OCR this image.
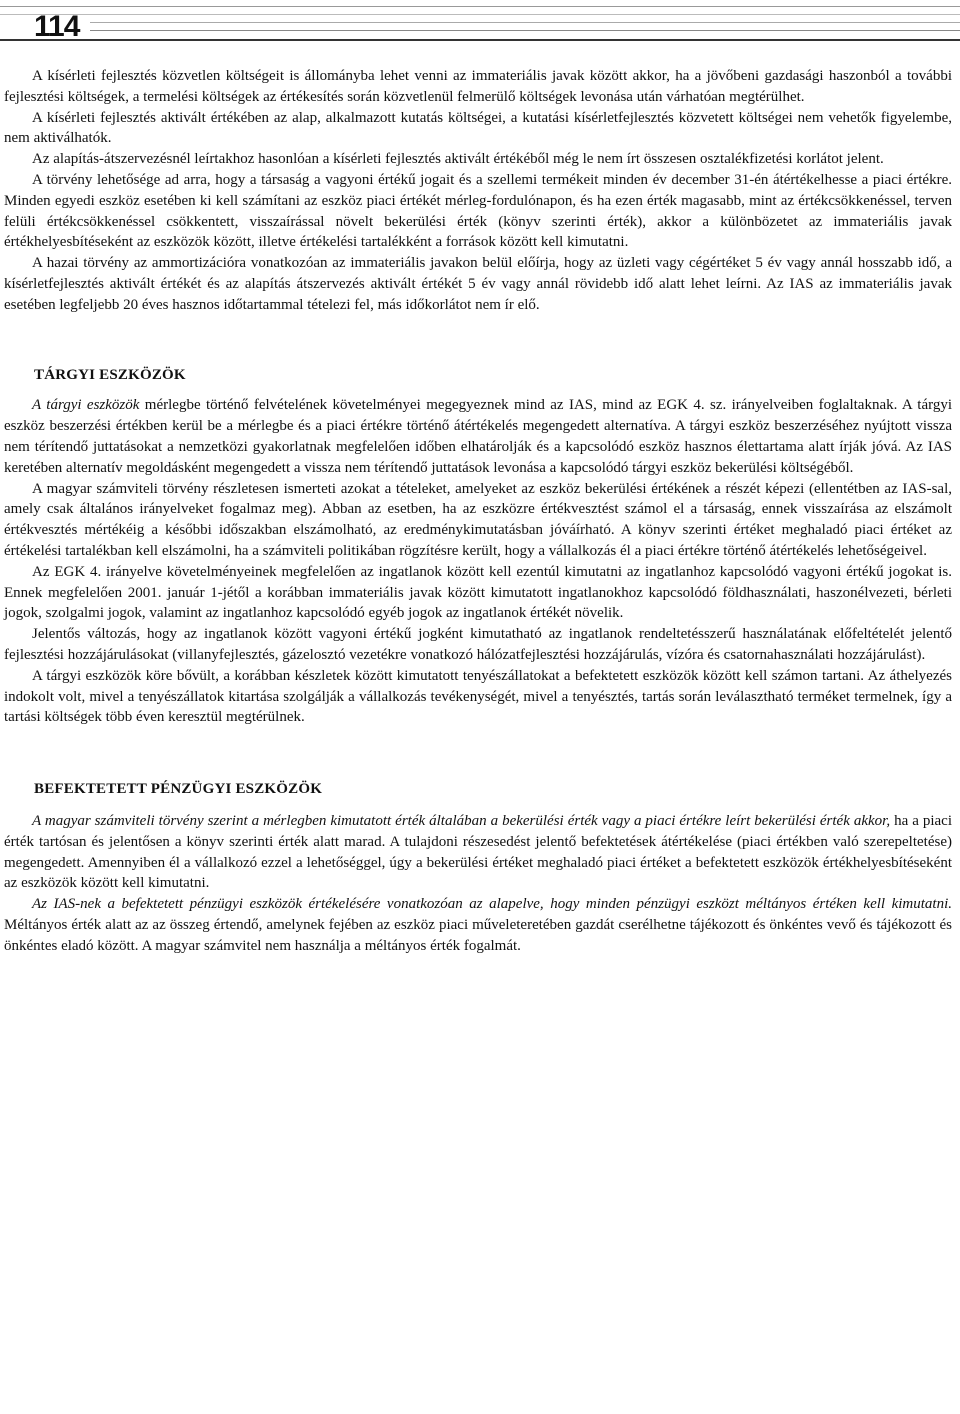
114

A kísérleti fejlesztés közvetlen költségeit is állományba lehet venni az immateriális javak között akkor, ha a jövőbeni gazdasági haszonból a további fejlesztési költségek, a termelési költségek az értékesítés során közvetlenül felmerülő költségek levonása után várhatóan megtérülhet.

A kísérleti fejlesztés aktivált értékében az alap, alkalmazott kutatás költségei, a kutatási kísérletfejlesztés közvetett költségei nem vehetők figyelembe, nem aktiválhatók.

Az alapítás-átszervezésnél leírtakhoz hasonlóan a kísérleti fejlesztés aktivált értékéből még le nem írt összesen osztalékfizetési korlátot jelent.

A törvény lehetősége ad arra, hogy a társaság a vagyoni értékű jogait és a szellemi termékeit minden év december 31-én átértékelhesse a piaci értékre. Minden egyedi eszköz esetében ki kell számítani az eszköz piaci értékét mérleg-fordulónapon, és ha ezen érték magasabb, mint az értékcsökkenéssel, terven felüli értékcsökkenéssel csökkentett, visszaírással növelt bekerülési érték (könyv szerinti érték), akkor a különbözetet az immateriális javak értékhelyesbítéseként az eszközök között, illetve értékelési tartalékként a források között kell kimutatni.

A hazai törvény az ammortizációra vonatkozóan az immateriális javakon belül előírja, hogy az üzleti vagy cégértéket 5 év vagy annál hosszabb idő, a kísérletfejlesztés aktivált értékét és az alapítás átszervezés aktivált értékét 5 év vagy annál rövidebb idő alatt lehet leírni. Az IAS az immateriális javak esetében legfeljebb 20 éves hasznos időtartammal tételezi fel, más időkorlátot nem ír elő.

TÁRGYI ESZKÖZÖK

A tárgyi eszközök mérlegbe történő felvételének követelményei megegyeznek mind az IAS, mind az EGK 4. sz. irányelveiben foglaltaknak. A tárgyi eszköz beszerzési értékben kerül be a mérlegbe és a piaci értékre történő átértékelés megengedett alternatíva. A tárgyi eszköz beszerzéséhez nyújtott vissza nem térítendő juttatásokat a nemzetközi gyakorlatnak megfelelően időben elhatárolják és a kapcsolódó eszköz hasznos élettartama alatt írják jóvá. Az IAS keretében alternatív megoldásként megengedett a vissza nem térítendő juttatások levonása a kapcsolódó tárgyi eszköz bekerülési költségéből.

A magyar számviteli törvény részletesen ismerteti azokat a tételeket, amelyeket az eszköz bekerülési értékének a részét képezi (ellentétben az IAS-sal, amely csak általános irányelveket fogalmaz meg). Abban az esetben, ha az eszközre értékvesztést számol el a társaság, ennek visszaírása az elszámolt értékvesztés mértékéig a későbbi időszakban elszámolható, az eredménykimutatásban jóváírható. A könyv szerinti értéket meghaladó piaci értéket az értékelési tartalékban kell elszámolni, ha a számviteli politikában rögzítésre került, hogy a vállalkozás él a piaci értékre történő átértékelés lehetőségeivel.

Az EGK 4. irányelve követelményeinek megfelelően az ingatlanok között kell ezentúl kimutatni az ingatlanhoz kapcsolódó vagyoni értékű jogokat is. Ennek megfelelően 2001. január 1-jétől a korábban immateriális javak között kimutatott ingatlanokhoz kapcsolódó földhasználati, haszonélvezeti, bérleti jogok, szolgalmi jogok, valamint az ingatlanhoz kapcsolódó egyéb jogok az ingatlanok értékét növelik.

Jelentős változás, hogy az ingatlanok között vagyoni értékű jogként kimutatható az ingatlanok rendeltetésszerű használatának előfeltételét jelentő fejlesztési hozzájárulásokat (villanyfejlesztés, gázelosztó vezetékre vonatkozó hálózatfejlesztési hozzájárulás, vízóra és csatornahasználati hozzájárulást).

A tárgyi eszközök köre bővült, a korábban készletek között kimutatott tenyészállatokat a befektetett eszközök között kell számon tartani. Az áthelyezés indokolt volt, mivel a tenyészállatok kitartása szolgálják a vállalkozás tevékenységét, mivel a tenyésztés, tartás során leválasztható terméket termelnek, így a tartási költségek több éven keresztül megtérülnek.

BEFEKTETETT PÉNZÜGYI ESZKÖZÖK

A magyar számviteli törvény szerint a mérlegben kimutatott érték általában a bekerülési érték vagy a piaci értékre leírt bekerülési érték akkor, ha a piaci érték tartósan és jelentősen a könyv szerinti érték alatt marad. A tulajdoni részesedést jelentő befektetések átértékelése (piaci értékben való szerepeltetése) megengedett. Amennyiben él a vállalkozó ezzel a lehetőséggel, úgy a bekerülési értéket meghaladó piaci értéket a befektetett eszközök értékhelyesbítéseként az eszközök között kell kimutatni.

Az IAS-nek a befektetett pénzügyi eszközök értékelésére vonatkozóan az alapelve, hogy minden pénzügyi eszközt méltányos értéken kell kimutatni. Méltányos érték alatt az az összeg értendő, amelynek fejében az eszköz piaci műveleteretében gazdát cserélhetne tájékozott és önkéntes vevő és tájékozott és önkéntes eladó között. A magyar számvitel nem használja a méltányos érték fogalmát.
